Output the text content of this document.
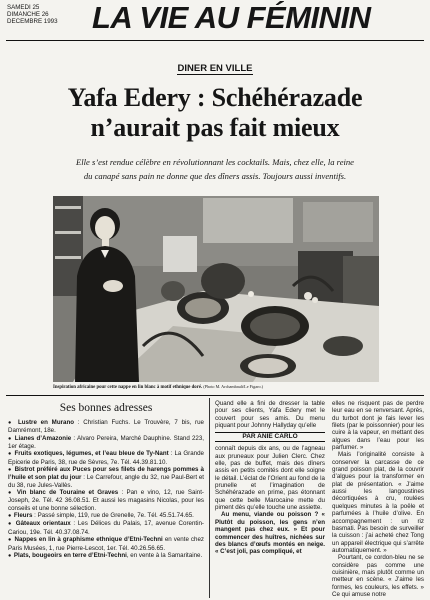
SAMEDI 25
DIMANCHE 26
DECEMBRE 1993 LA VIE AU FÉMININ
DINER EN VILLE
Yafa Edery : Schéhérazade
n’aurait pas fait mieux
Elle s’est rendue célèbre en révolutionnant les cocktails. Mais, chez elle, la reine
du canapé sans pain ne donne que des dîners assis. Toujours aussi inventifs.
Inspiration africaine pour cette nappe en lin blanc à motif ethnique doré. (Photo M. Archambault/Le Figaro.)
Ses bonnes adresses

● Lustre en Murano : Christian Fuchs. Le Trouvère, 7 bis, rue Damrémont, 18e.

● Lianes d’Amazonie : Alvaro Pereira, Marché Dauphine. Stand 223, 1er étage.

● Fruits exotiques, légumes, et l’eau bleue de Ty-Nant : La Grande Epicerie de Paris, 38, rue de Sèvres, 7e. Tél. 44.39.81.10.

● Bistrot préféré aux Puces pour ses filets de harengs pommes à l’huile et son plat du jour : Le Carrefour, angle du 32, rue Paul-Bert et du 38, rue Jules-Vallès.

● Vin blanc de Touraine et Graves : Pan e vino, 12, rue Saint-Joseph, 2e. Tél. 42 36.08.51. Et aussi les magasins Nicolas, pour les conseils et une bonne sélection.

● Fleurs : Passé simple, 119, rue de Grenelle, 7e. Tél. 45.51.74.65.

● Gâteaux orientaux : Les Délices du Palais, 17, avenue Corentin-Cariou, 19e. Tél. 40.37.08.74.

● Nappes en lin à graphisme ethnique d’Etni-Techni en vente chez Paris Musées, 1, rue Pierre-Lescot, 1er. Tél. 40.26.56.65.

● Plats, bougeoirs en terre d’Etni-Techni, en vente à la Samaritaine.

Quand elle a fini de dresser la table pour ses clients, Yafa Edery met le couvert pour ses amis. Du menu piquant pour Johnny Hallyday qu’elle

PAR ANIE CARLO

connaît depuis dix ans, ou de l’agneau aux pruneaux pour Julien Clerc. Chez elle, pas de buffet, mais des dîners assis en petits comités dont elle soigne le détail. L’éclat de l’Orient au fond de la prunelle et l’imagination de Schéhérazade en prime, pas étonnant que cette belle Marocaine mette du piment dès qu’elle touche une assiette.

Au menu, viande ou poisson ? « Plutôt du poisson, les gens n’en mangent pas chez eux. » Et pour commencer des huîtres, nichées sur des blancs d’œufs montés en neige. « C’est joli, pas compliqué, et

elles ne risquent pas de perdre leur eau en se renversant. Après, du turbot dont je fais lever les filets (par le poissonnier) pour les cuire à la vapeur, en mettant des algues dans l’eau pour les parfumer. »

Mais l’originalité consiste à conserver la carcasse de ce grand poisson plat, de la couvrir d’algues pour la transformer en plat de présentation. « J’aime aussi les langoustines décortiquées à cru, roulées quelques minutes à la poêle et parfumées à l’huile d’olive. En accompagnement : un riz basmati. Pas besoin de surveiller la cuisson : j’ai acheté chez Tong un appareil électrique qui s’arrête automatiquement. »

Pourtant, ce cordon-bleu ne se considère pas comme une cuisinière, mais plutôt comme un metteur en scène. « J’aime les formes, les couleurs, les effets. » Ce qui amuse notre
